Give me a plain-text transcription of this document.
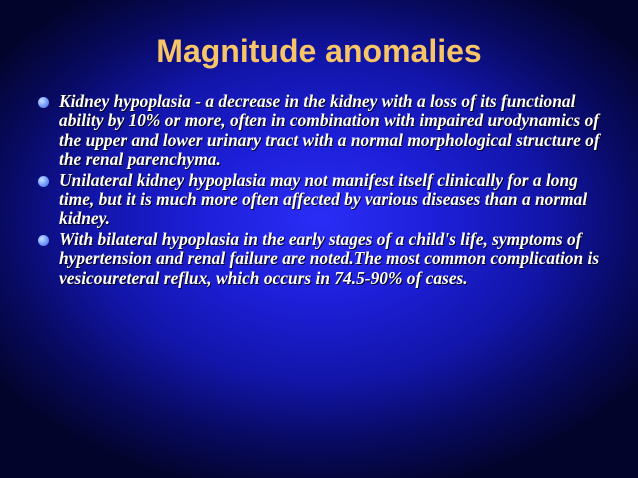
Magnitude anomalies
Kidney hypoplasia - a decrease in the kidney with a loss of its functional ability by 10% or more, often in combination with impaired urodynamics of the upper and lower urinary tract with a normal morphological structure of the renal parenchyma.
Unilateral kidney hypoplasia may not manifest itself clinically for a long time, but it is much more often affected by various diseases than a normal kidney.
With bilateral hypoplasia in the early stages of a child's life, symptoms of hypertension and renal failure are noted.The most common complication is vesicoureteral reflux, which occurs in 74.5-90% of cases.
